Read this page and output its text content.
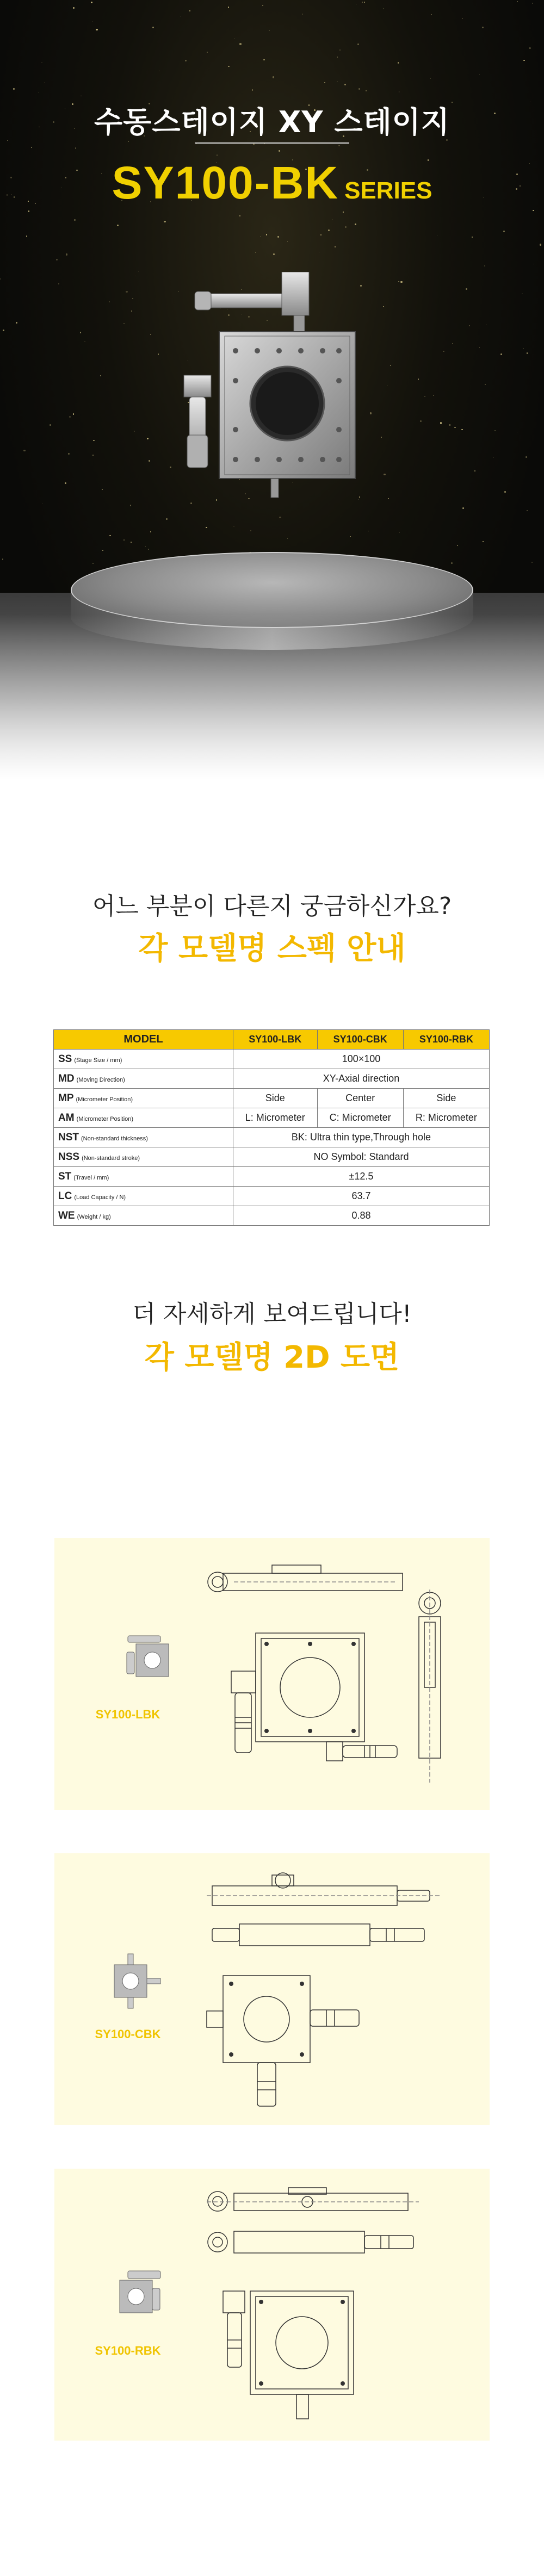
수동스테이지 XY 스테이지
SY100-BK SERIES
어느 부분이 다른지 궁금하신가요?
각 모델명 스펙 안내
MODEL	SY100-LBK	SY100-CBK	SY100-RBK
SS (Stage Size / mm)	100×100		
MD (Moving Direction)	XY-Axial direction		
MP (Micrometer Position)	Side	Center	Side
AM (Micrometer Position)	L: Micrometer	C: Micrometer	R: Micrometer
NST (Non-standard thickness)	BK: Ultra thin type,Through hole		
NSS (Non-standard stroke)	NO Symbol: Standard		
ST (Travel / mm)	±12.5		
LC (Load Capacity / N)	63.7		
WE (Weight / kg)	0.88		
더 자세하게 보여드립니다!
각 모델명 2D 도면
SY100-LBK
SY100-CBK
SY100-RBK
